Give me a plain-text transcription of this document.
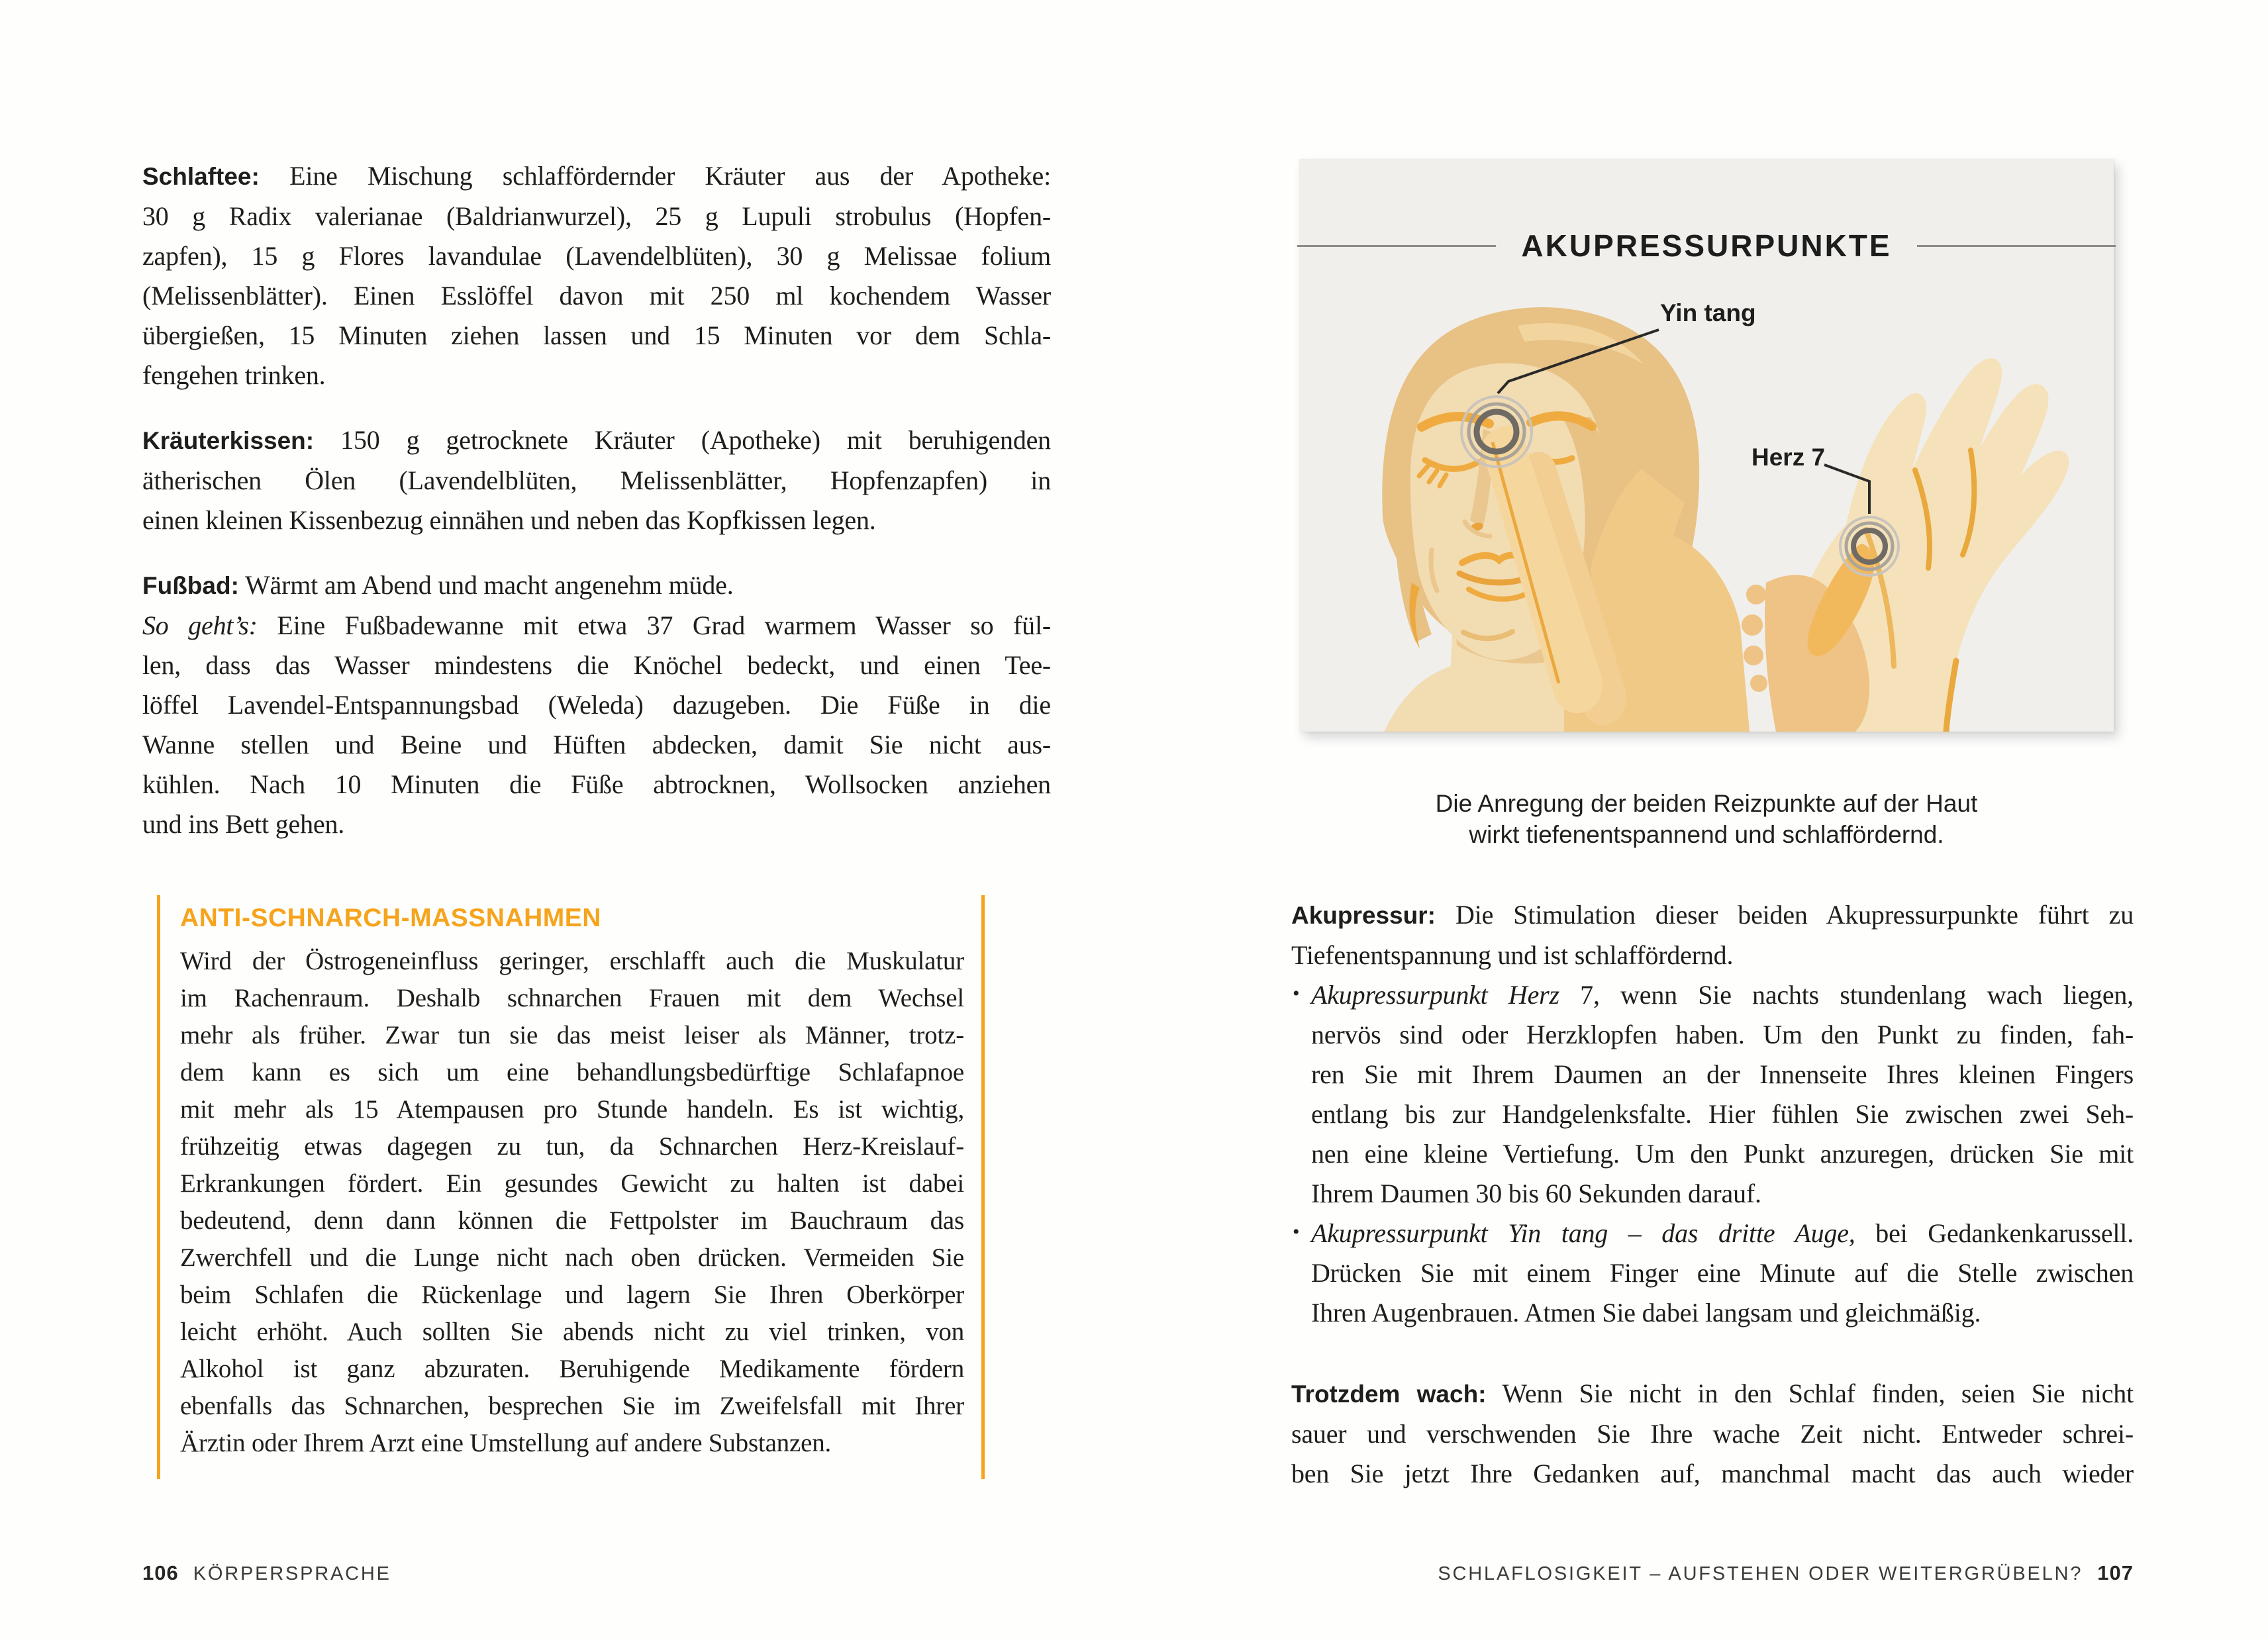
Schlaftee: Eine Mischung schlaffördernder Kräuter aus der Apotheke:
30 g Radix valerianae (Baldrianwurzel), 25 g Lupuli strobulus (Hopfen-
zapfen), 15 g Flores lavandulae (Lavendelblüten), 30 g Melissae folium
(Melissenblätter). Einen Esslöffel davon mit 250 ml kochendem Wasser
übergießen, 15 Minuten ziehen lassen und 15 Minuten vor dem Schla-
fengehen trinken.
Kräuterkissen: 150 g getrocknete Kräuter (Apotheke) mit beruhigenden
ätherischen Ölen (Lavendelblüten, Melissenblätter, Hopfenzapfen) in
einen kleinen Kissenbezug einnähen und neben das Kopfkissen legen.
Fußbad: Wärmt am Abend und macht angenehm müde.
So geht’s: Eine Fußbadewanne mit etwa 37 Grad warmem Wasser so fül-
len, dass das Wasser mindestens die Knöchel bedeckt, und einen Tee-
löffel Lavendel-Entspannungsbad (Weleda) dazugeben. Die Füße in die
Wanne stellen und Beine und Hüften abdecken, damit Sie nicht aus-
kühlen. Nach 10 Minuten die Füße abtrocknen, Wollsocken anziehen
und ins Bett gehen.
ANTI-SCHNARCH-MASSNAHMEN
Wird der Östrogeneinfluss geringer, erschlafft auch die Muskulatur
im Rachenraum. Deshalb schnarchen Frauen mit dem Wechsel
mehr als früher. Zwar tun sie das meist leiser als Männer, trotz-
dem kann es sich um eine behandlungsbedürftige Schlafapnoe
mit mehr als 15 Atempausen pro Stunde handeln. Es ist wichtig,
frühzeitig etwas dagegen zu tun, da Schnarchen Herz-Kreislauf-
Erkrankungen fördert. Ein gesundes Gewicht zu halten ist dabei
bedeutend, denn dann können die Fettpolster im Bauchraum das
Zwerchfell und die Lunge nicht nach oben drücken. Vermeiden Sie
beim Schlafen die Rückenlage und lagern Sie Ihren Oberkörper
leicht erhöht. Auch sollten Sie abends nicht zu viel trinken, von
Alkohol ist ganz abzuraten. Beruhigende Medikamente fördern
ebenfalls das Schnarchen, besprechen Sie im Zweifelsfall mit Ihrer
Ärztin oder Ihrem Arzt eine Umstellung auf andere Substanzen.
106 KÖRPERSPRACHE
AKUPRESSURPUNKTE
Yin tang
Herz 7
Die Anregung der beiden Reizpunkte auf der Haut
wirkt tiefenentspannend und schlaffördernd.
Akupressur: Die Stimulation dieser beiden Akupressurpunkte führt zu
Tiefenentspannung und ist schlaffördernd.
• Akupressurpunkt Herz 7, wenn Sie nachts stundenlang wach liegen,
nervös sind oder Herzklopfen haben. Um den Punkt zu finden, fah-
ren Sie mit Ihrem Daumen an der Innenseite Ihres kleinen Fingers
entlang bis zur Handgelenksfalte. Hier fühlen Sie zwischen zwei Seh-
nen eine kleine Vertiefung. Um den Punkt anzuregen, drücken Sie mit
Ihrem Daumen 30 bis 60 Sekunden darauf.
• Akupressurpunkt Yin tang – das dritte Auge, bei Gedankenkarussell.
Drücken Sie mit einem Finger eine Minute auf die Stelle zwischen
Ihren Augenbrauen. Atmen Sie dabei langsam und gleichmäßig.
Trotzdem wach: Wenn Sie nicht in den Schlaf finden, seien Sie nicht
sauer und verschwenden Sie Ihre wache Zeit nicht. Entweder schrei-
ben Sie jetzt Ihre Gedanken auf, manchmal macht das auch wieder
SCHLAFLOSIGKEIT – AUFSTEHEN ODER WEITERGRÜBELN? 107
